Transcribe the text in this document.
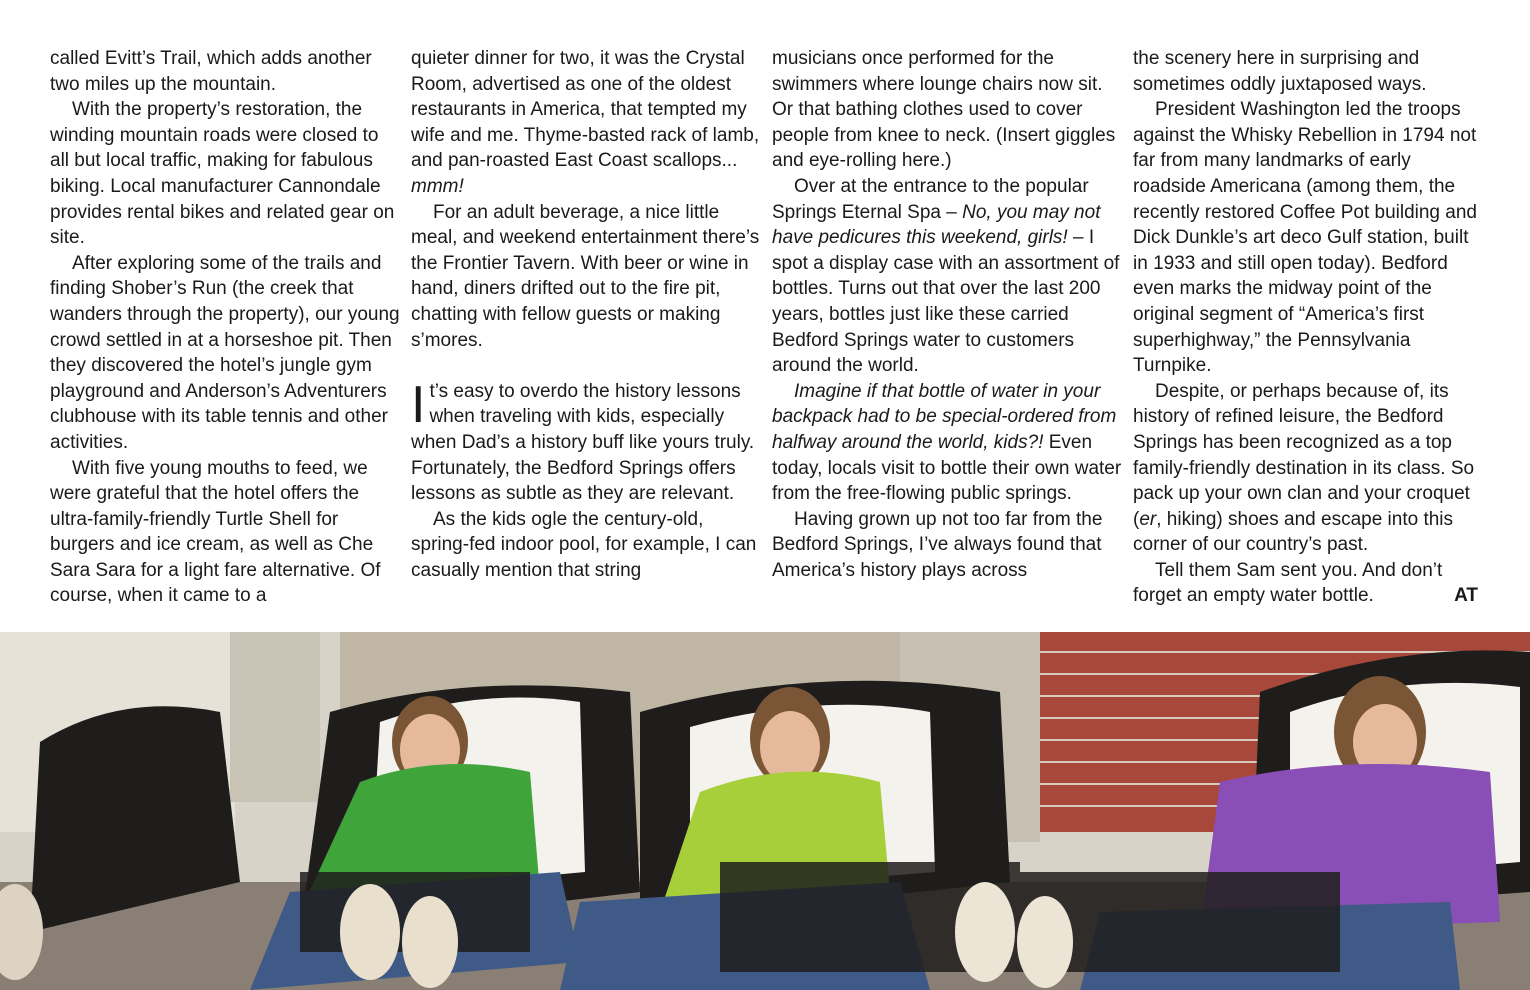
called Evitt’s Trail, which adds another two miles up the mountain.

With the property’s restoration, the winding mountain roads were closed to all but local traffic, making for fabulous biking. Local manufacturer Cannondale provides rental bikes and related gear on site.

After exploring some of the trails and finding Shober’s Run (the creek that wanders through the property), our young crowd settled in at a horseshoe pit. Then they discovered the hotel’s jungle gym playground and Anderson’s Adventurers clubhouse with its table tennis and other activities.

With five young mouths to feed, we were grateful that the hotel offers the ultra-family-friendly Turtle Shell for burgers and ice cream, as well as Che Sara Sara for a light fare alternative. Of course, when it came to a

quieter dinner for two, it was the Crystal Room, advertised as one of the oldest restaurants in America, that tempted my wife and me. Thyme-basted rack of lamb, and pan-roasted East Coast scallops... mmm!

For an adult beverage, a nice little meal, and weekend entertainment there’s the Frontier Tavern. With beer or wine in hand, diners drifted out to the fire pit, chatting with fellow guests or making s’mores.

It’s easy to overdo the history lessons when traveling with kids, especially when Dad’s a history buff like yours truly. Fortunately, the Bedford Springs offers lessons as subtle as they are relevant.

As the kids ogle the century-old, spring-fed indoor pool, for example, I can casually mention that string

musicians once performed for the swimmers where lounge chairs now sit. Or that bathing clothes used to cover people from knee to neck. (Insert giggles and eye-rolling here.)

Over at the entrance to the popular Springs Eternal Spa – No, you may not have pedicures this weekend, girls! – I spot a display case with an assortment of bottles. Turns out that over the last 200 years, bottles just like these carried Bedford Springs water to customers around the world.

Imagine if that bottle of water in your backpack had to be special-ordered from halfway around the world, kids?! Even today, locals visit to bottle their own water from the free-flowing public springs.

Having grown up not too far from the Bedford Springs, I’ve always found that America’s history plays across

the scenery here in surprising and sometimes oddly juxtaposed ways.

President Washington led the troops against the Whisky Rebellion in 1794 not far from many landmarks of early roadside Americana (among them, the recently restored Coffee Pot building and Dick Dunkle’s art deco Gulf station, built in 1933 and still open today). Bedford even marks the midway point of the original segment of “America’s first superhighway,” the Pennsylvania Turnpike.

Despite, or perhaps because of, its history of refined leisure, the Bedford Springs has been recognized as a top family-friendly destination in its class. So pack up your own clan and your croquet (er, hiking) shoes and escape into this corner of our country’s past.

Tell them Sam sent you. And don’t forget an empty water bottle.	AT
